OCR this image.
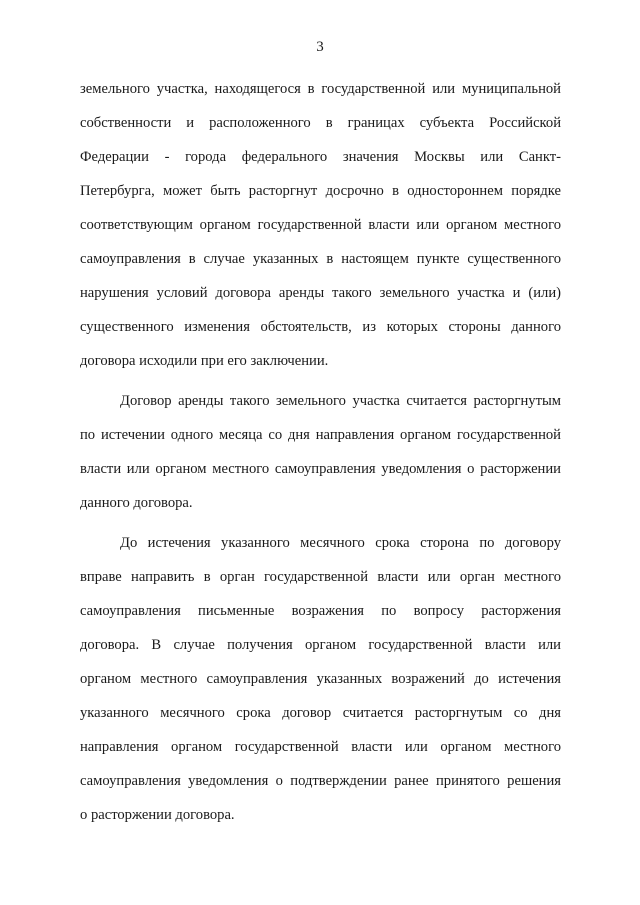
3
земельного участка, находящегося в государственной или муниципальной
собственности и расположенного в границах субъекта Российской
Федерации - города федерального значения Москвы или Санкт-
Петербурга, может быть расторгнут досрочно в одностороннем порядке
соответствующим органом государственной власти или органом местного
самоуправления в случае указанных в настоящем пункте существенного
нарушения условий договора аренды такого земельного участка и (или)
существенного изменения обстоятельств, из которых стороны данного
договора исходили при его заключении.
Договор аренды такого земельного участка считается расторгнутым
по истечении одного месяца со дня направления органом государственной
власти или органом местного самоуправления уведомления о расторжении
данного договора.
До истечения указанного месячного срока сторона по договору
вправе направить в орган государственной власти или орган местного
самоуправления письменные возражения по вопросу расторжения
договора. В случае получения органом государственной власти или
органом местного самоуправления указанных возражений до истечения
указанного месячного срока договор считается расторгнутым со дня
направления органом государственной власти или органом местного
самоуправления уведомления о подтверждении ранее принятого решения
о расторжении договора.
